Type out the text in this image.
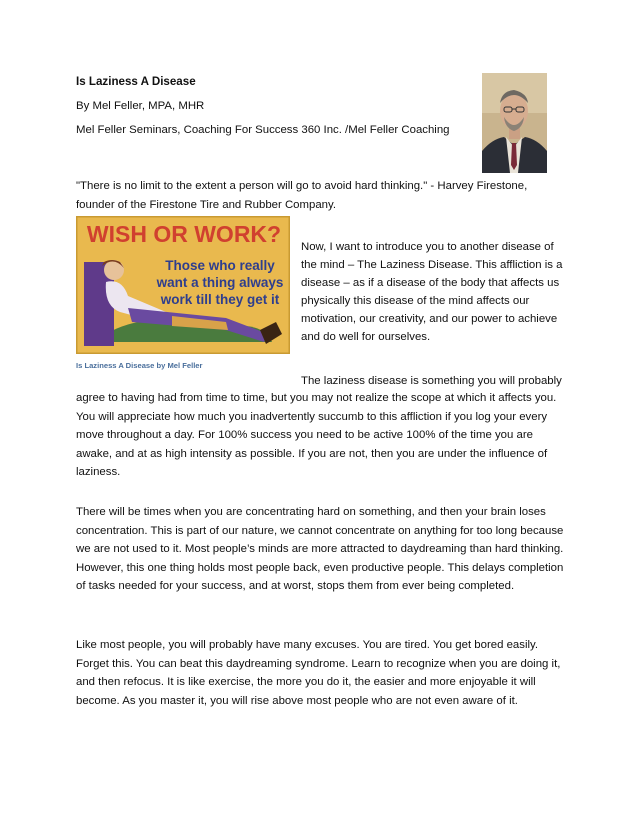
Is Laziness A Disease

By Mel Feller, MPA, MHR

Mel Feller Seminars, Coaching For Success 360 Inc. /Mel Feller Coaching

"There is no limit to the extent a person will go to avoid hard thinking." - Harvey Firestone, founder of the Firestone Tire and Rubber Company.

WISH OR WORK?
Those who really
want a thing always
work till they get it

Now, I want to introduce you to another disease of the mind – The Laziness Disease. This affliction is a disease – as if a disease of the body that affects us physically this disease of the mind affects our motivation, our creativity, and our power to achieve and do well for ourselves.

Is Laziness A Disease by Mel Feller

The laziness disease is something you will probably

agree to having had from time to time, but you may not realize the scope at which it affects you. You will appreciate how much you inadvertently succumb to this affliction if you log your every move throughout a day. For 100% success you need to be active 100% of the time you are awake, and at as high intensity as possible. If you are not, then you are under the influence of laziness.

There will be times when you are concentrating hard on something, and then your brain loses concentration. This is part of our nature, we cannot concentrate on anything for too long because we are not used to it. Most people’s minds are more attracted to daydreaming than hard thinking. However, this one thing holds most people back, even productive people. This delays completion of tasks needed for your success, and at worst, stops them from ever being completed.

Like most people, you will probably have many excuses. You are tired. You get bored easily. Forget this. You can beat this daydreaming syndrome. Learn to recognize when you are doing it, and then refocus. It is like exercise, the more you do it, the easier and more enjoyable it will become. As you master it, you will rise above most people who are not even aware of it.
